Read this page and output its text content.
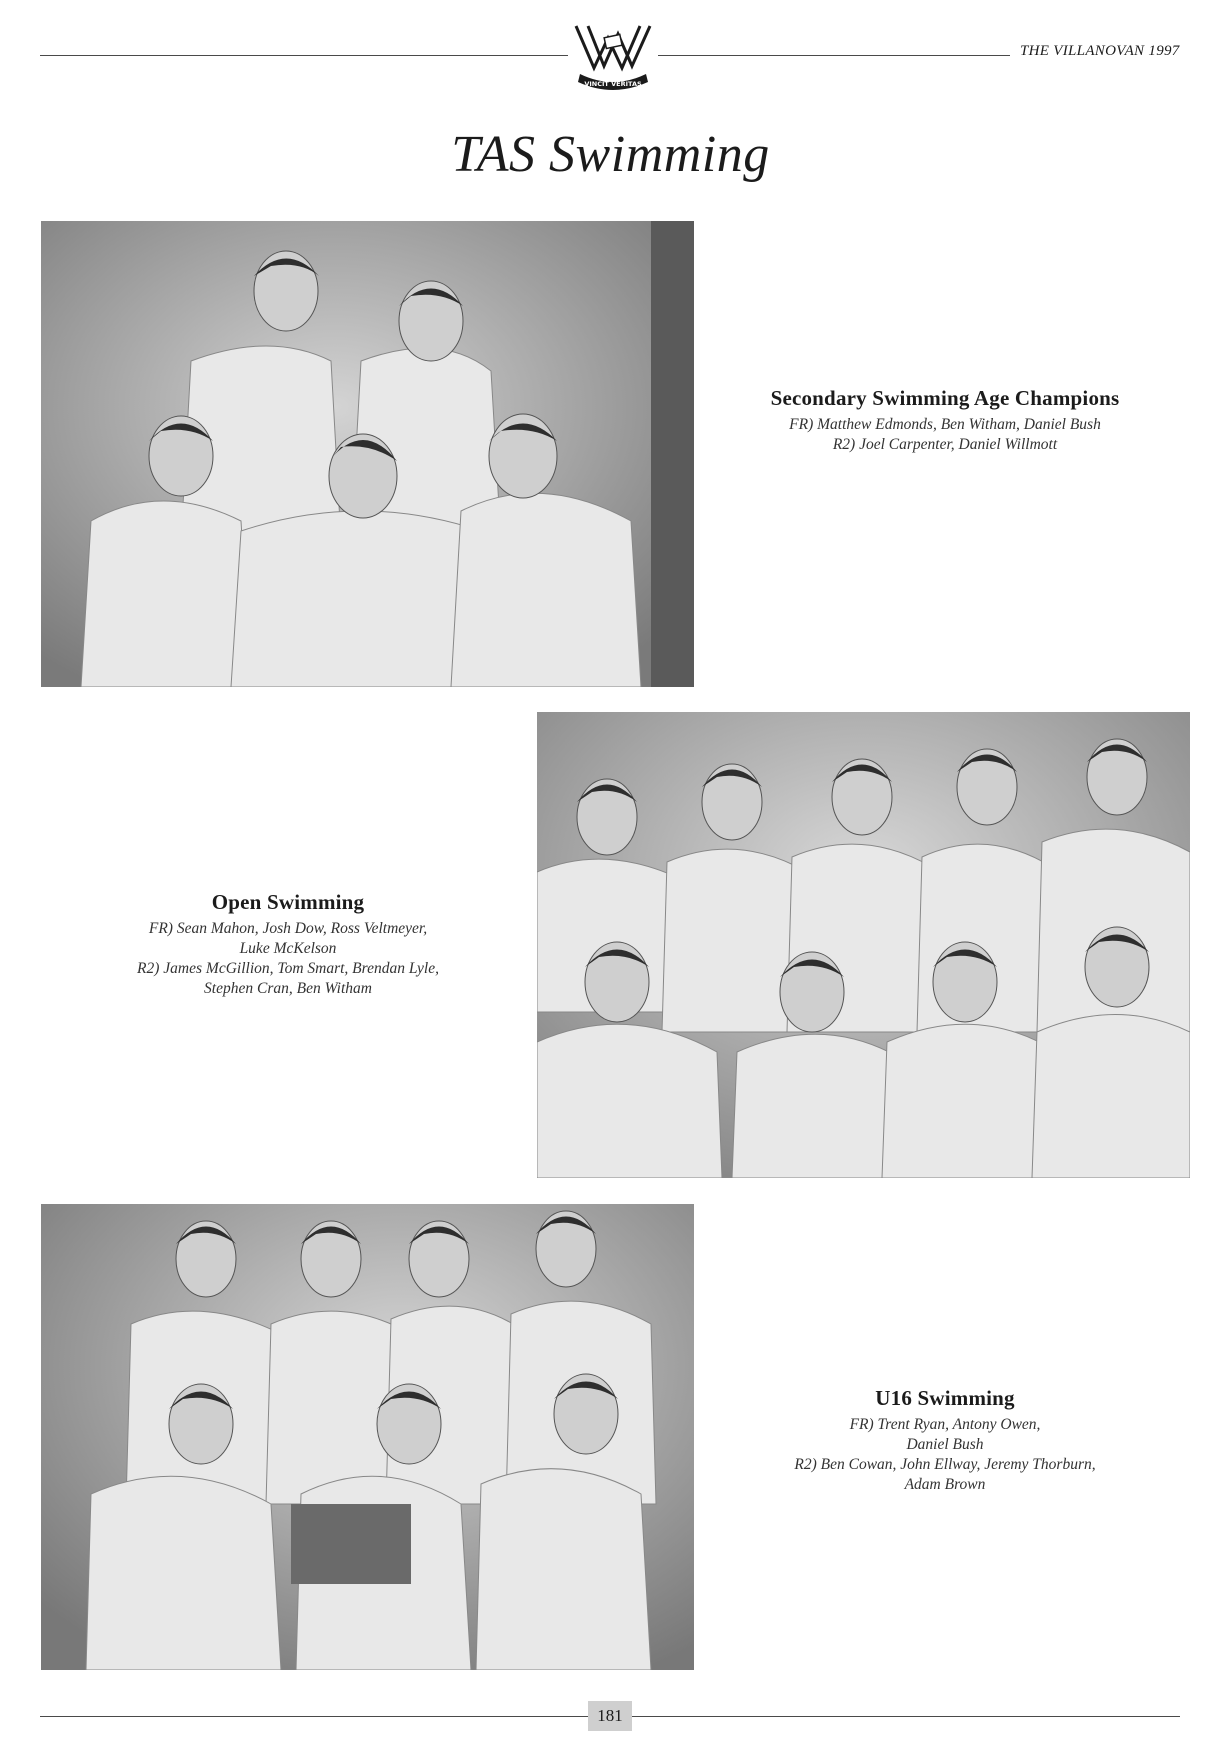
VINCIT VERITAS
THE VILLANOVAN 1997
TAS Swimming
Secondary Swimming Age Champions
FR) Matthew Edmonds, Ben Witham, Daniel Bush
R2) Joel Carpenter, Daniel Willmott
Open Swimming
FR) Sean Mahon, Josh Dow, Ross Veltmeyer,
Luke McKelson
R2) James McGillion, Tom Smart, Brendan Lyle,
Stephen Cran, Ben Witham
U16 Swimming
FR) Trent Ryan, Antony Owen,
Daniel Bush
R2) Ben Cowan, John Ellway, Jeremy Thorburn,
Adam Brown
181
